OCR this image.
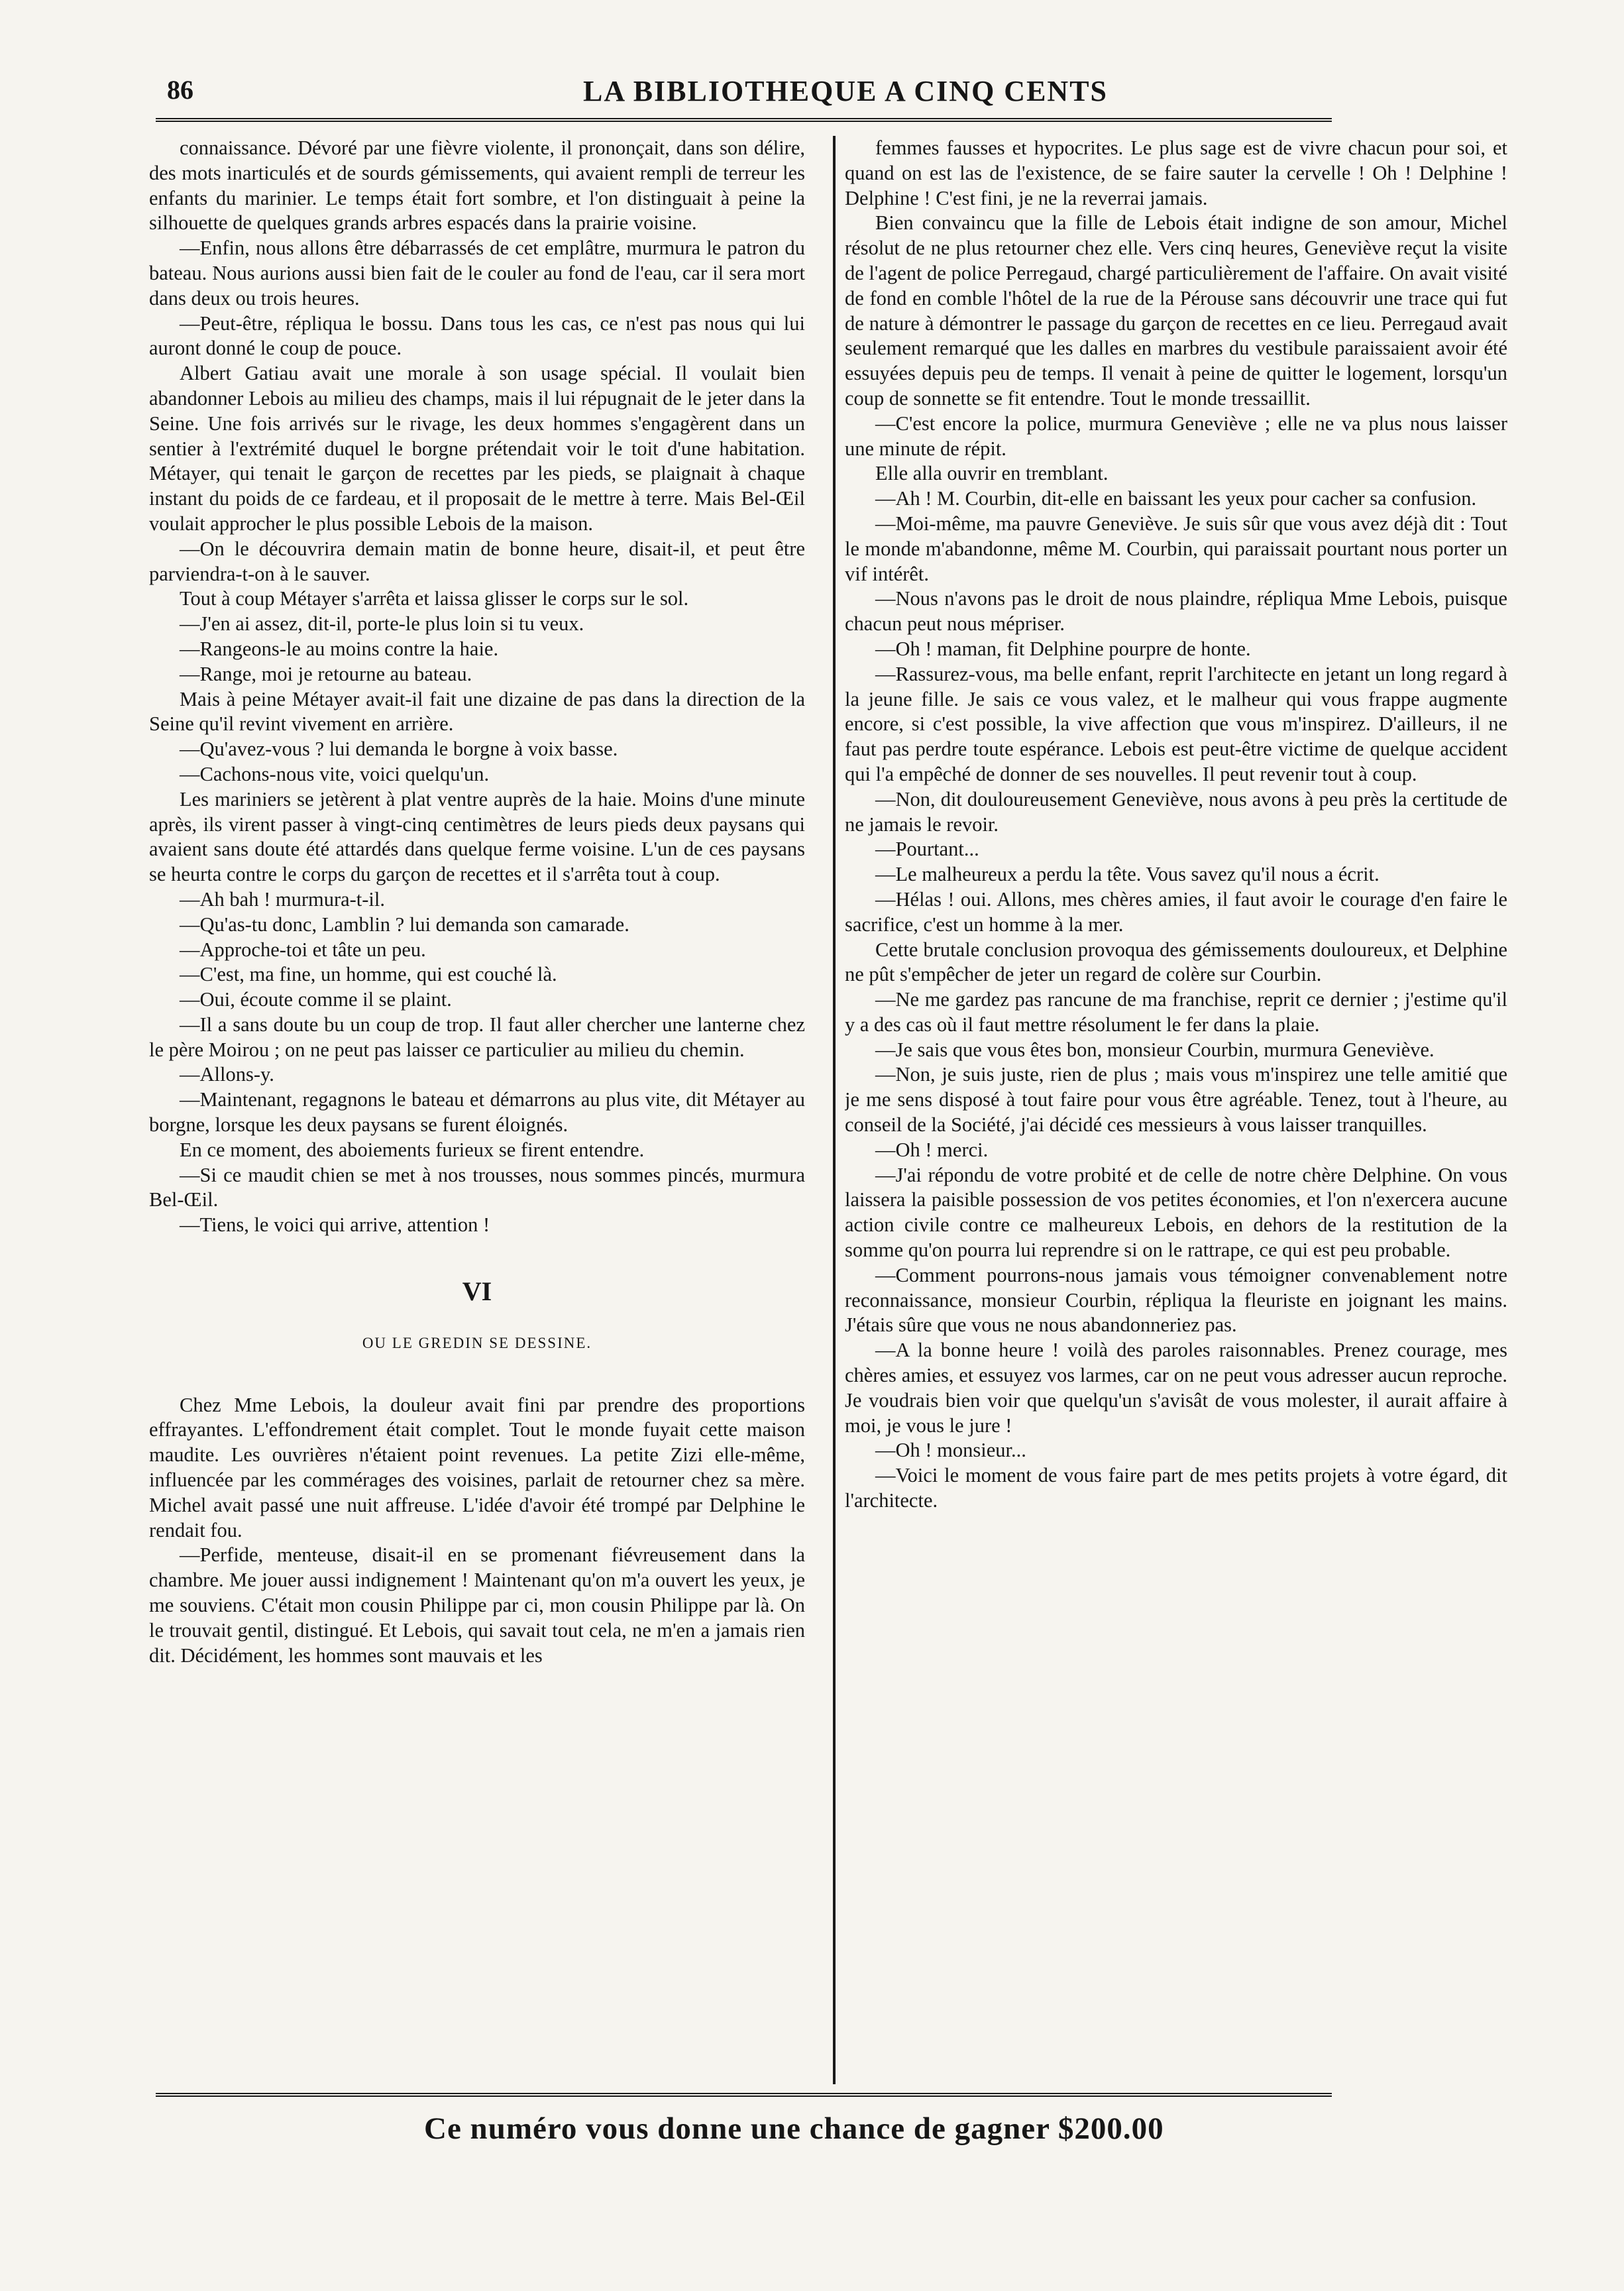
86	LA BIBLIOTHEQUE A CINQ CENTS

connaissance. Dévoré par une fièvre violente, il prononçait, dans son délire, des mots inarticulés et de sourds gémissements, qui avaient rempli de terreur les enfants du marinier. Le temps était fort sombre, et l'on distinguait à peine la silhouette de quelques grands arbres espacés dans la prairie voisine.

—Enfin, nous allons être débarrassés de cet emplâtre, murmura le patron du bateau. Nous aurions aussi bien fait de le couler au fond de l'eau, car il sera mort dans deux ou trois heures.

—Peut-être, répliqua le bossu. Dans tous les cas, ce n'est pas nous qui lui auront donné le coup de pouce.

Albert Gatiau avait une morale à son usage spécial. Il voulait bien abandonner Lebois au milieu des champs, mais il lui répugnait de le jeter dans la Seine. Une fois arrivés sur le rivage, les deux hommes s'engagèrent dans un sentier à l'extrémité duquel le borgne prétendait voir le toit d'une habitation. Métayer, qui tenait le garçon de recettes par les pieds, se plaignait à chaque instant du poids de ce fardeau, et il proposait de le mettre à terre. Mais Bel-Œil voulait approcher le plus possible Lebois de la maison.

—On le découvrira demain matin de bonne heure, disait-il, et peut être parviendra-t-on à le sauver.

Tout à coup Métayer s'arrêta et laissa glisser le corps sur le sol.

—J'en ai assez, dit-il, porte-le plus loin si tu veux.

—Rangeons-le au moins contre la haie.

—Range, moi je retourne au bateau.

Mais à peine Métayer avait-il fait une dizaine de pas dans la direction de la Seine qu'il revint vivement en arrière.

—Qu'avez-vous ? lui demanda le borgne à voix basse.

—Cachons-nous vite, voici quelqu'un.

Les mariniers se jetèrent à plat ventre auprès de la haie. Moins d'une minute après, ils virent passer à vingt-cinq centimètres de leurs pieds deux paysans qui avaient sans doute été attardés dans quelque ferme voisine. L'un de ces paysans se heurta contre le corps du garçon de recettes et il s'arrêta tout à coup.

—Ah bah ! murmura-t-il.

—Qu'as-tu donc, Lamblin ? lui demanda son camarade.

—Approche-toi et tâte un peu.

—C'est, ma fine, un homme, qui est couché là.

—Oui, écoute comme il se plaint.

—Il a sans doute bu un coup de trop. Il faut aller chercher une lanterne chez le père Moirou ; on ne peut pas laisser ce particulier au milieu du chemin.

—Allons-y.

—Maintenant, regagnons le bateau et démarrons au plus vite, dit Métayer au borgne, lorsque les deux paysans se furent éloignés.

En ce moment, des aboiements furieux se firent entendre.

—Si ce maudit chien se met à nos trousses, nous sommes pincés, murmura Bel-Œil.

—Tiens, le voici qui arrive, attention !

VI
OU LE GREDIN SE DESSINE.

Chez Mme Lebois, la douleur avait fini par prendre des proportions effrayantes. L'effondrement était complet. Tout le monde fuyait cette maison maudite. Les ouvrières n'étaient point revenues. La petite Zizi elle-même, influencée par les commérages des voisines, parlait de retourner chez sa mère. Michel avait passé une nuit affreuse. L'idée d'avoir été trompé par Delphine le rendait fou.

—Perfide, menteuse, disait-il en se promenant fiévreusement dans la chambre. Me jouer aussi indignement ! Maintenant qu'on m'a ouvert les yeux, je me souviens. C'était mon cousin Philippe par ci, mon cousin Philippe par là. On le trouvait gentil, distingué. Et Lebois, qui savait tout cela, ne m'en a jamais rien dit. Décidément, les hommes sont mauvais et les

femmes fausses et hypocrites. Le plus sage est de vivre chacun pour soi, et quand on est las de l'existence, de se faire sauter la cervelle ! Oh ! Delphine ! Delphine ! C'est fini, je ne la reverrai jamais.

Bien convaincu que la fille de Lebois était indigne de son amour, Michel résolut de ne plus retourner chez elle. Vers cinq heures, Geneviève reçut la visite de l'agent de police Perregaud, chargé particulièrement de l'affaire. On avait visité de fond en comble l'hôtel de la rue de la Pérouse sans découvrir une trace qui fut de nature à démontrer le passage du garçon de recettes en ce lieu. Perregaud avait seulement remarqué que les dalles en marbres du vestibule paraissaient avoir été essuyées depuis peu de temps. Il venait à peine de quitter le logement, lorsqu'un coup de sonnette se fit entendre. Tout le monde tressaillit.

—C'est encore la police, murmura Geneviève ; elle ne va plus nous laisser une minute de répit.

Elle alla ouvrir en tremblant.

—Ah ! M. Courbin, dit-elle en baissant les yeux pour cacher sa confusion.

—Moi-même, ma pauvre Geneviève. Je suis sûr que vous avez déjà dit : Tout le monde m'abandonne, même M. Courbin, qui paraissait pourtant nous porter un vif intérêt.

—Nous n'avons pas le droit de nous plaindre, répliqua Mme Lebois, puisque chacun peut nous mépriser.

—Oh ! maman, fit Delphine pourpre de honte.

—Rassurez-vous, ma belle enfant, reprit l'architecte en jetant un long regard à la jeune fille. Je sais ce vous valez, et le malheur qui vous frappe augmente encore, si c'est possible, la vive affection que vous m'inspirez. D'ailleurs, il ne faut pas perdre toute espérance. Lebois est peut-être victime de quelque accident qui l'a empêché de donner de ses nouvelles. Il peut revenir tout à coup.

—Non, dit douloureusement Geneviève, nous avons à peu près la certitude de ne jamais le revoir.

—Pourtant...

—Le malheureux a perdu la tête. Vous savez qu'il nous a écrit.

—Hélas ! oui. Allons, mes chères amies, il faut avoir le courage d'en faire le sacrifice, c'est un homme à la mer.

Cette brutale conclusion provoqua des gémissements douloureux, et Delphine ne pût s'empêcher de jeter un regard de colère sur Courbin.

—Ne me gardez pas rancune de ma franchise, reprit ce dernier ; j'estime qu'il y a des cas où il faut mettre résolument le fer dans la plaie.

—Je sais que vous êtes bon, monsieur Courbin, murmura Geneviève.

—Non, je suis juste, rien de plus ; mais vous m'inspirez une telle amitié que je me sens disposé à tout faire pour vous être agréable. Tenez, tout à l'heure, au conseil de la Société, j'ai décidé ces messieurs à vous laisser tranquilles.

—Oh ! merci.

—J'ai répondu de votre probité et de celle de notre chère Delphine. On vous laissera la paisible possession de vos petites économies, et l'on n'exercera aucune action civile contre ce malheureux Lebois, en dehors de la restitution de la somme qu'on pourra lui reprendre si on le rattrape, ce qui est peu probable.

—Comment pourrons-nous jamais vous témoigner convenablement notre reconnaissance, monsieur Courbin, répliqua la fleuriste en joignant les mains. J'étais sûre que vous ne nous abandonneriez pas.

—A la bonne heure ! voilà des paroles raisonnables. Prenez courage, mes chères amies, et essuyez vos larmes, car on ne peut vous adresser aucun reproche. Je voudrais bien voir que quelqu'un s'avisât de vous molester, il aurait affaire à moi, je vous le jure !

—Oh ! monsieur...

—Voici le moment de vous faire part de mes petits projets à votre égard, dit l'architecte.

Ce numéro vous donne une chance de gagner $200.00
